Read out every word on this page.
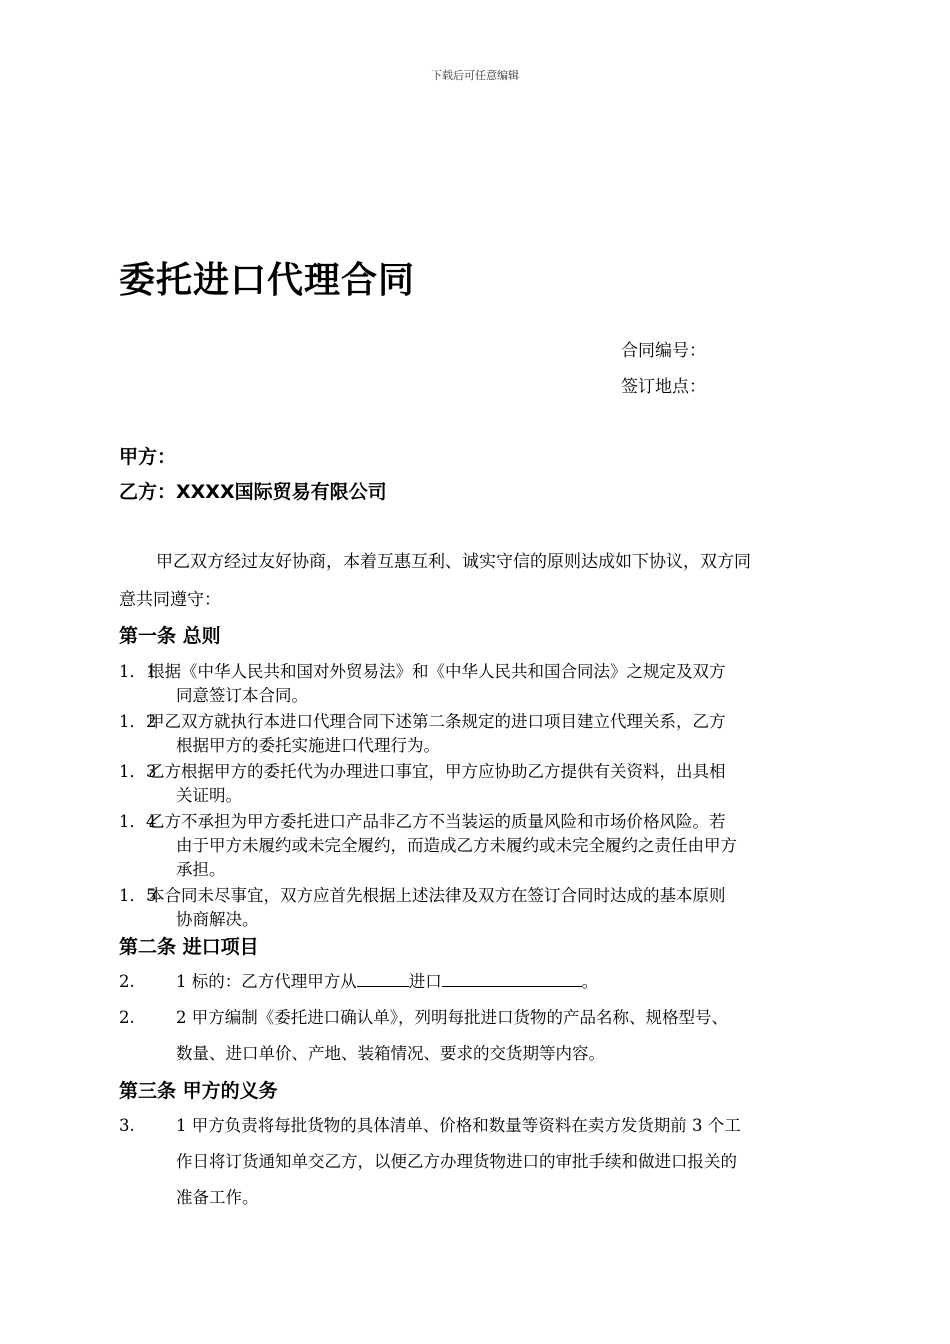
下载后可任意编辑
委托进口代理合同
合同编号：
签订地点：
甲方：
乙方：XXXX国际贸易有限公司
甲乙双方经过友好协商，本着互惠互利、诚实守信的原则达成如下协议，双方同
意共同遵守：
第一条 总则
1．1
根据《中华人民共和国对外贸易法》和《中华人民共和国合同法》之规定及双方
同意签订本合同。
1．2
甲乙双方就执行本进口代理合同下述第二条规定的进口项目建立代理关系，乙方
根据甲方的委托实施进口代理行为。
1．3
乙方根据甲方的委托代为办理进口事宜，甲方应协助乙方提供有关资料，出具相
关证明。
1．4
乙方不承担为甲方委托进口产品非乙方不当装运的质量风险和市场价格风险。若
由于甲方未履约或未完全履约，而造成乙方未履约或未完全履约之责任由甲方
承担。
1．5
本合同未尽事宜，双方应首先根据上述法律及双方在签订合同时达成的基本原则
协商解决。
第二条 进口项目
2.	1 标的：乙方代理甲方从	进口	。
2.	2 甲方编制《委托进口确认单》，列明每批进口货物的产品名称、规格型号、
数量、进口单价、产地、装箱情况、要求的交货期等内容。
第三条 甲方的义务
3.	1 甲方负责将每批货物的具体清单、价格和数量等资料在卖方发货期前 3 个工
作日将订货通知单交乙方，以便乙方办理货物进口的审批手续和做进口报关的
准备工作。
